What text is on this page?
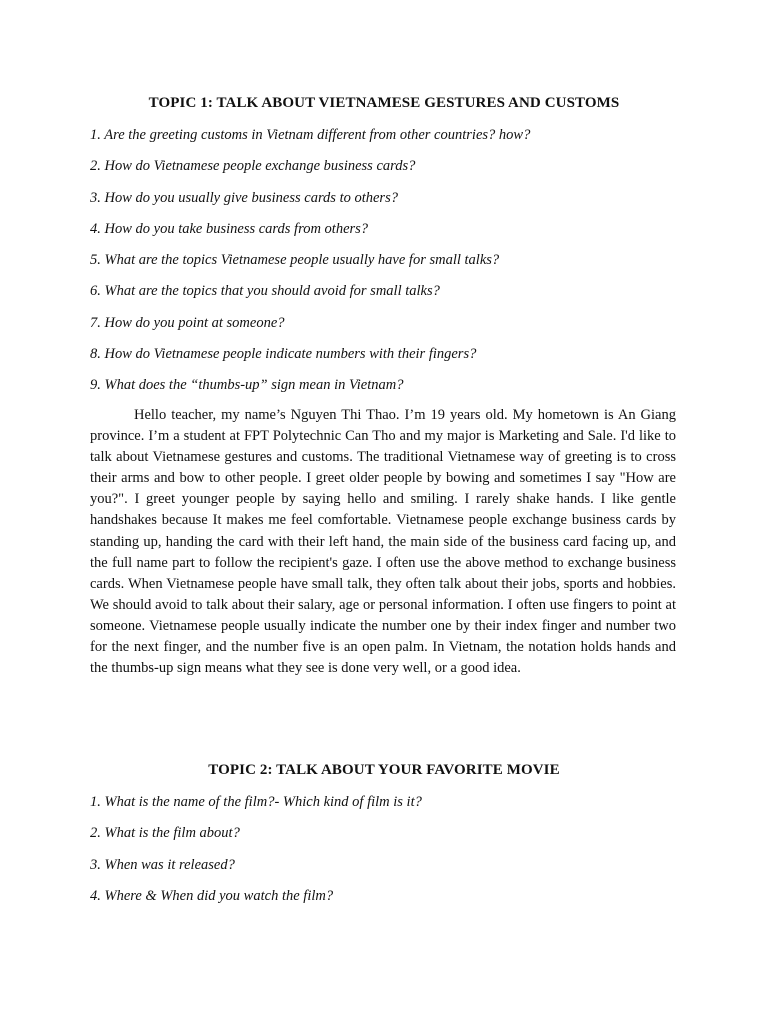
TOPIC 1: TALK ABOUT VIETNAMESE GESTURES AND CUSTOMS
1. Are the greeting customs in Vietnam different from other countries? how?
2. How do Vietnamese people exchange business cards?
3. How do you usually give business cards to others?
4. How do you take business cards from others?
5. What are the topics Vietnamese people usually have for small talks?
6. What are the topics that you should avoid for small talks?
7. How do you point at someone?
8. How do Vietnamese people indicate numbers with their fingers?
9. What does the “thumbs-up” sign mean in Vietnam?

Hello teacher, my name’s Nguyen Thi Thao. I’m 19 years old. My hometown is An Giang province. I’m a student at FPT Polytechnic Can Tho and my major is Marketing and Sale. I'd like to talk about Vietnamese gestures and customs. The traditional Vietnamese way of greeting is to cross their arms and bow to other people. I greet older people by bowing and sometimes I say "How are you?". I greet younger people by saying hello and smiling. I rarely shake hands. I like gentle handshakes because It makes me feel comfortable. Vietnamese people exchange business cards by standing up, handing the card with their left hand, the main side of the business card facing up, and the full name part to follow the recipient's gaze. I often use the above method to exchange business cards. When Vietnamese people have small talk, they often talk about their jobs, sports and hobbies. We should avoid to talk about their salary, age or personal information. I often use fingers to point at someone. Vietnamese people usually indicate the number one by their index finger and number two for the next finger, and the number five is an open palm. In Vietnam, the notation holds hands and the thumbs-up sign means what they see is done very well, or a good idea.

TOPIC 2: TALK ABOUT YOUR FAVORITE MOVIE
1. What is the name of the film?- Which kind of film is it?
2. What is the film about?
3. When was it released?
4. Where & When did you watch the film?
